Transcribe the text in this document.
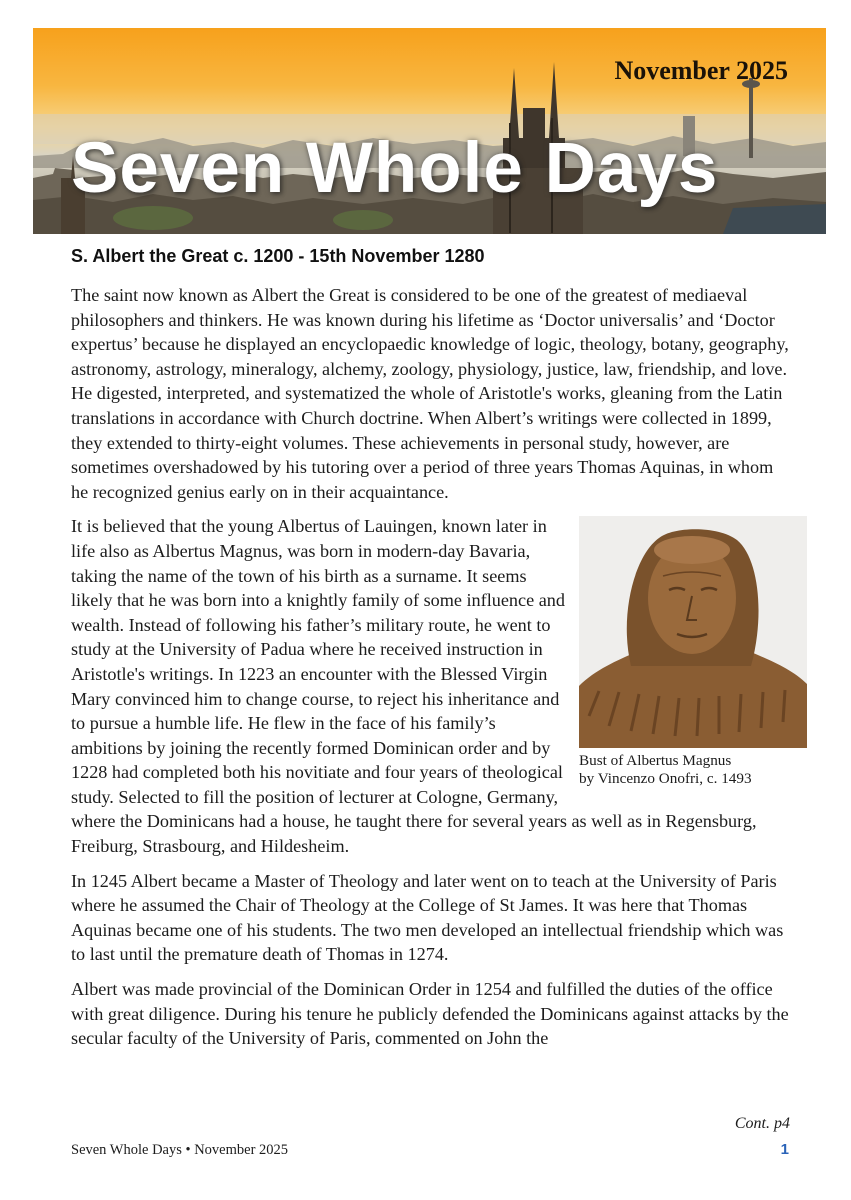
November 2025
Seven Whole Days
S. Albert the Great c. 1200 - 15th November 1280

The saint now known as Albert the Great is considered to be one of the greatest of mediaeval philosophers and thinkers. He was known during his lifetime as ‘Doctor universalis’ and ‘Doctor expertus’ because he displayed an encyclopaedic knowledge of logic, theology, botany, geography, astronomy, astrology, mineralogy, alchemy, zoology, physiology, justice, law, friendship, and love. He digested, interpreted, and systematized the whole of Aristotle's works, gleaning from the Latin translations in accordance with Church doctrine. When Albert’s writings were collected in 1899, they extended to thirty-eight volumes. These achievements in personal study, however, are sometimes overshadowed by his tutoring over a period of three years Thomas Aquinas, in whom he recognized genius early on in their acquaintance.

Bust of Albertus Magnus
by Vincenzo Onofri, c. 1493

It is believed that the young Albertus of Lauingen, known later in life also as Albertus Magnus, was born in modern-day Bavaria, taking the name of the town of his birth as a surname. It seems likely that he was born into a knightly family of some influence and wealth. Instead of following his father’s military route, he went to study at the University of Padua where he received instruction in Aristotle's writings. In 1223 an encounter with the Blessed Virgin Mary convinced him to change course, to reject his inheritance and to pursue a humble life. He flew in the face of his family’s ambitions by joining the recently formed Dominican order and by 1228 had completed both his novitiate and four years of theological study. Selected to fill the position of lecturer at Cologne, Germany, where the Dominicans had a house, he taught there for several years as well as in Regensburg, Freiburg, Strasbourg, and Hildesheim.

In 1245 Albert became a Master of Theology and later went on to teach at the University of Paris where he assumed the Chair of Theology at the College of St James. It was here that Thomas Aquinas became one of his students. The two men developed an intellectual friendship which was to last until the premature death of Thomas in 1274.

Albert was made provincial of the Dominican Order in 1254 and fulfilled the duties of the office with great diligence. During his tenure he publicly defended the Dominicans against attacks by the secular faculty of the University of Paris, commented on John the

Cont. p4
Seven Whole Days • November 2025	1
